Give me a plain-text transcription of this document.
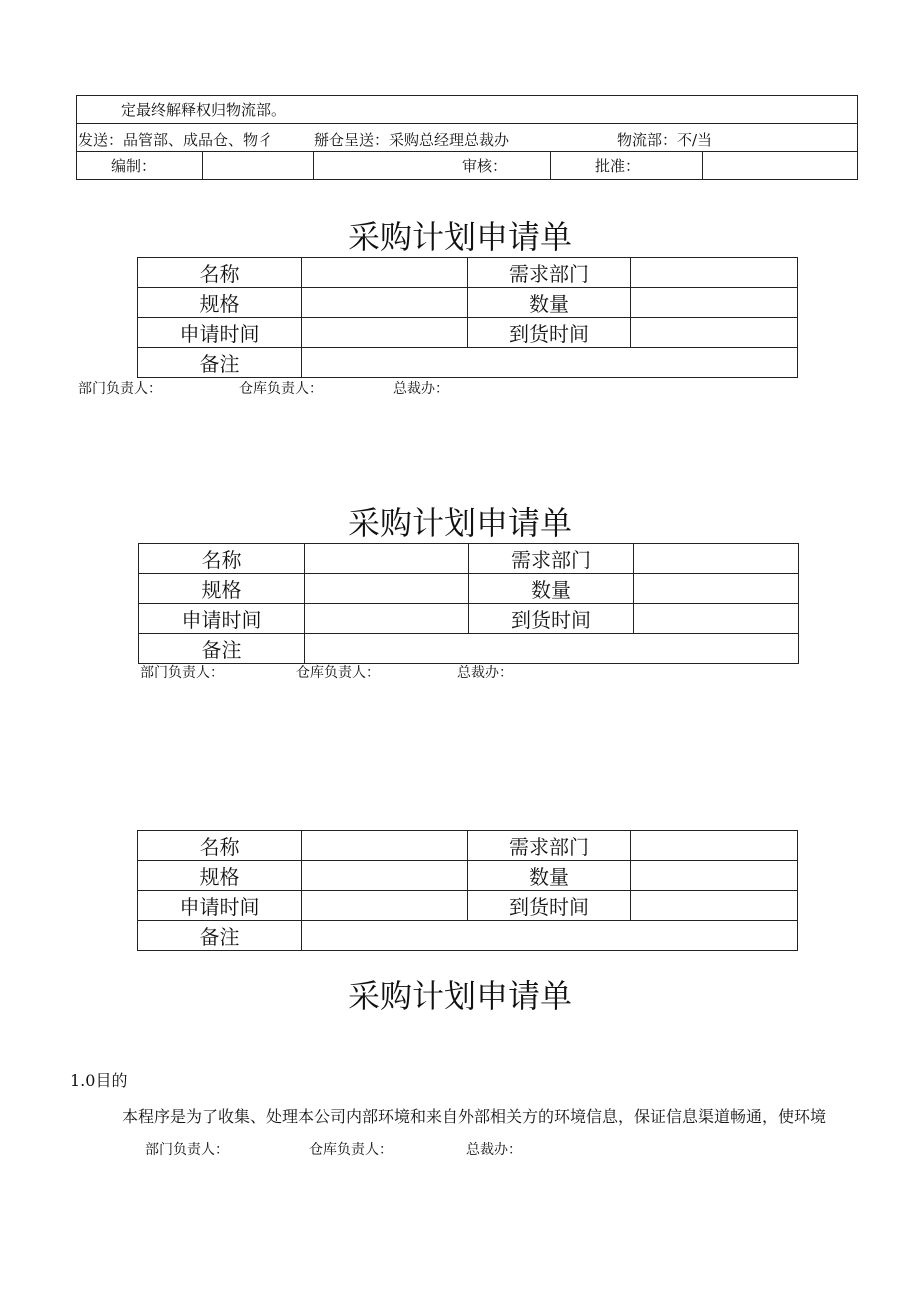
定最终解释权归物流部。

发送：品管部、成品仓、物彳	掰仓呈送：采购总经理总裁办	物流部：不/当

编制：		审核：	批准：	
采购计划申请单
名称		需求部门	
规格		数量	
申请时间		到货时间	
备注			
部门负责人：	仓库负责人：	总裁办：
采购计划申请单
名称		需求部门	
规格		数量	
申请时间		到货时间	
备注			
部门负责人：	仓库负责人：	总裁办：
名称		需求部门	
规格		数量	
申请时间		到货时间	
备注			
采购计划申请单
1.0目的
本程序是为了收集、处理本公司内部环境和来自外部相关方的环境信息，保证信息渠道畅通，使环境
部门负责人：	仓库负责人：	总裁办：
